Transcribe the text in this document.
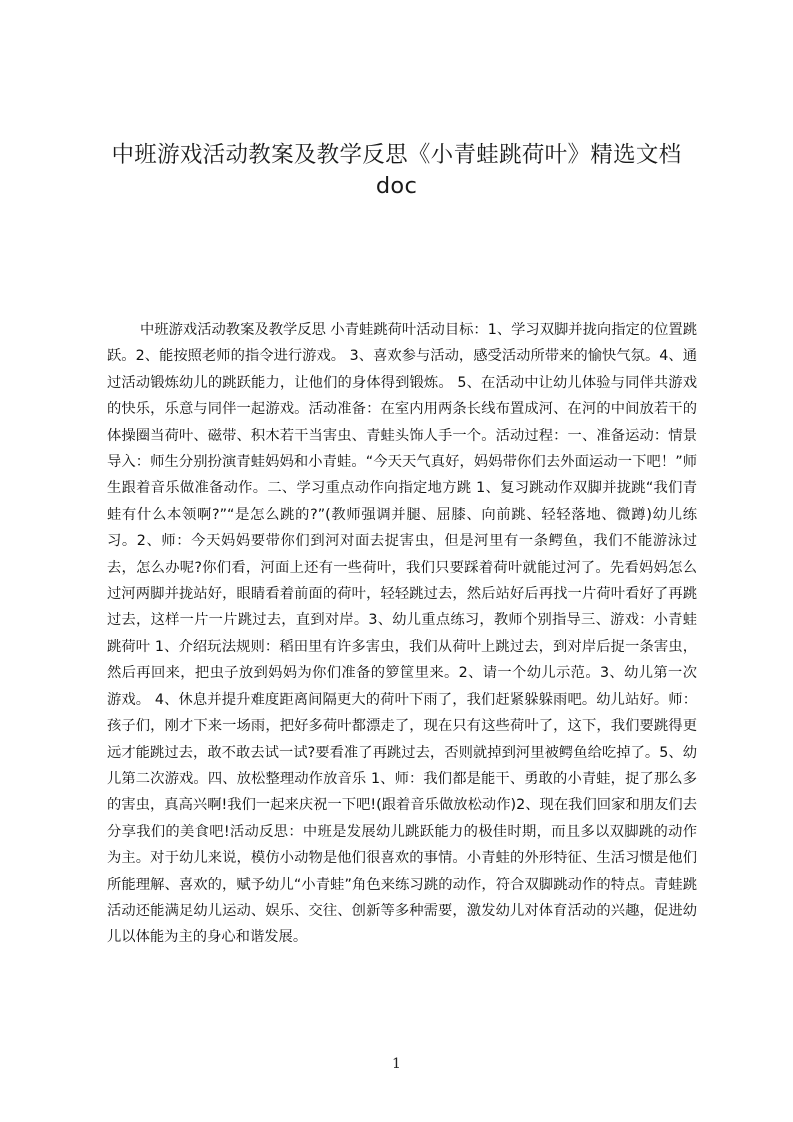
中班游戏活动教案及教学反思《小青蛙跳荷叶》精选文档
doc

中班游戏活动教案及教学反思 小青蛙跳荷叶活动目标：1、学习双脚并拢向指定的位置跳跃。2、能按照老师的指令进行游戏。 3、喜欢参与活动，感受活动所带来的愉快气氛。4、通过活动锻炼幼儿的跳跃能力，让他们的身体得到锻炼。 5、在活动中让幼儿体验与同伴共游戏的快乐，乐意与同伴一起游戏。活动准备：在室内用两条长线布置成河、在河的中间放若干的体操圈当荷叶、磁带、积木若干当害虫、青蛙头饰人手一个。活动过程：一、准备运动：情景导入：师生分别扮演青蛙妈妈和小青蛙。“今天天气真好，妈妈带你们去外面运动一下吧！”师生跟着音乐做准备动作。二、学习重点动作向指定地方跳 1、复习跳动作双脚并拢跳“我们青蛙有什么本领啊?”“是怎么跳的?”(教师强调并腿、屈膝、向前跳、轻轻落地、微蹲)幼儿练习。2、师：今天妈妈要带你们到河对面去捉害虫，但是河里有一条鳄鱼，我们不能游泳过去，怎么办呢?你们看，河面上还有一些荷叶，我们只要踩着荷叶就能过河了。先看妈妈怎么过河两脚并拢站好，眼睛看着前面的荷叶，轻轻跳过去，然后站好后再找一片荷叶看好了再跳过去，这样一片一片跳过去，直到对岸。3、幼儿重点练习，教师个别指导三、游戏：小青蛙跳荷叶 1、介绍玩法规则：稻田里有许多害虫，我们从荷叶上跳过去，到对岸后捉一条害虫，然后再回来，把虫子放到妈妈为你们准备的箩筐里来。2、请一个幼儿示范。3、幼儿第一次游戏。 4、休息并提升难度距离间隔更大的荷叶下雨了，我们赶紧躲躲雨吧。幼儿站好。师：孩子们，刚才下来一场雨，把好多荷叶都漂走了，现在只有这些荷叶了，这下，我们要跳得更远才能跳过去，敢不敢去试一试?要看准了再跳过去，否则就掉到河里被鳄鱼给吃掉了。5、幼儿第二次游戏。四、放松整理动作放音乐 1、师：我们都是能干、勇敢的小青蛙，捉了那么多的害虫，真高兴啊!我们一起来庆祝一下吧!(跟着音乐做放松动作)2、现在我们回家和朋友们去分享我们的美食吧!活动反思：中班是发展幼儿跳跃能力的极佳时期，而且多以双脚跳的动作为主。对于幼儿来说，模仿小动物是他们很喜欢的事情。小青蛙的外形特征、生活习惯是他们所能理解、喜欢的，赋予幼儿“小青蛙”角色来练习跳的动作，符合双脚跳动作的特点。青蛙跳活动还能满足幼儿运动、娱乐、交往、创新等多种需要，激发幼儿对体育活动的兴趣，促进幼儿以体能为主的身心和谐发展。

1
